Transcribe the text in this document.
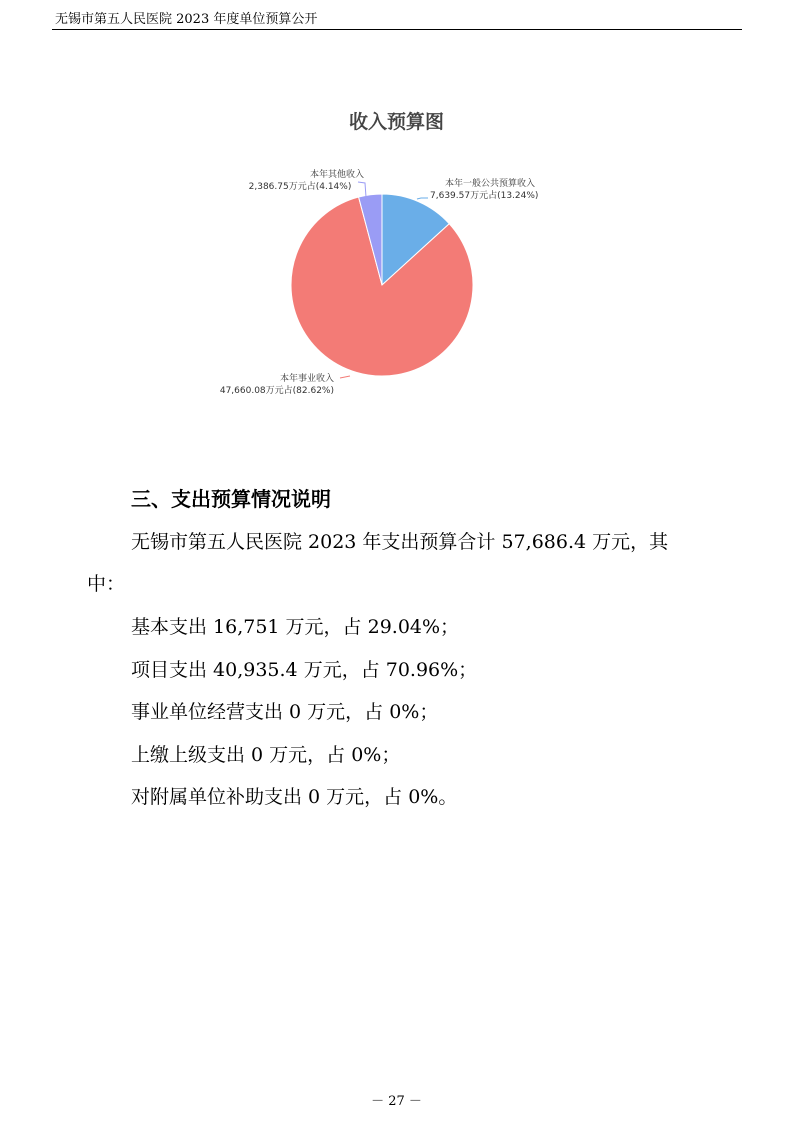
无锡市第五人民医院 2023 年度单位预算公开
收入预算图
本年一般公共预算收入
7,639.57万元占(13.24%)
本年事业收入
47,660.08万元占(82.62%)
本年其他收入
2,386.75万元占(4.14%)
三、支出预算情况说明
无锡市第五人民医院 2023 年支出预算合计 57,686.4 万元，其
中：
基本支出 16,751 万元，占 29.04%；
项目支出 40,935.4 万元，占 70.96%；
事业单位经营支出 0 万元，占 0%；
上缴上级支出 0 万元，占 0%；
对附属单位补助支出 0 万元，占 0%。
－ 27 －
